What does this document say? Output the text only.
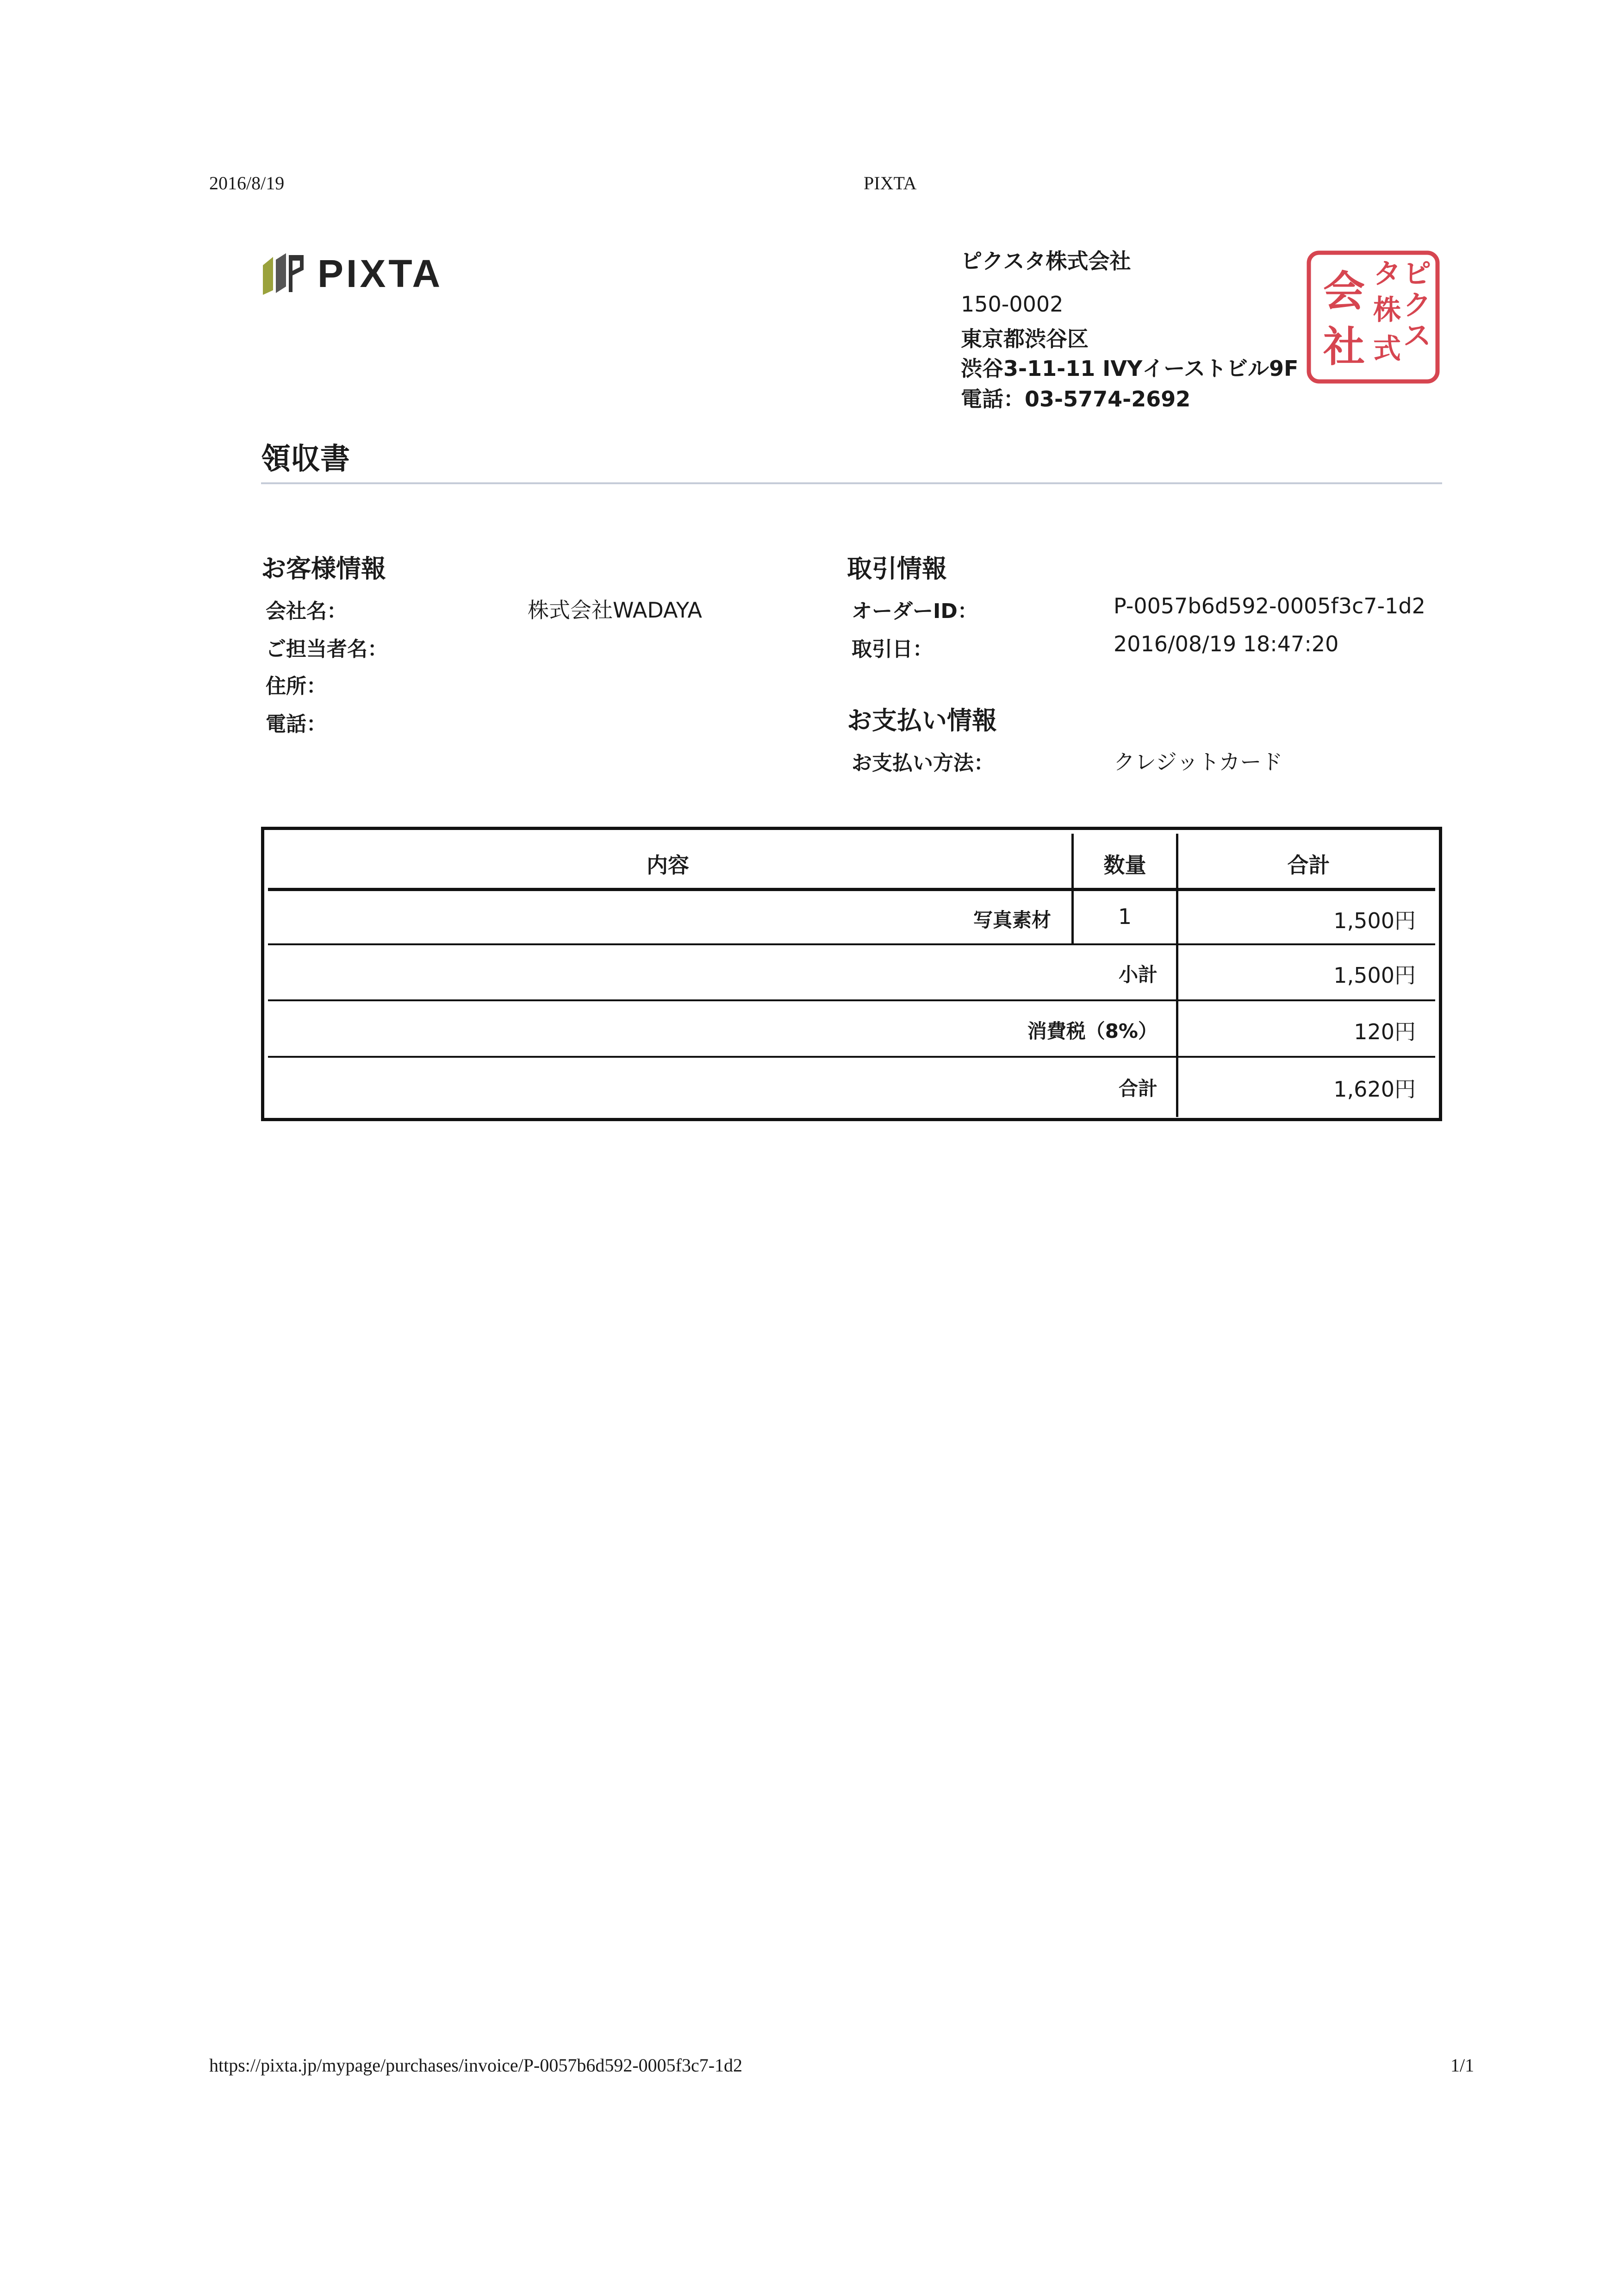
2016/8/19	PIXTA
PIXTA	ピクスタ株式会社
150-0002
東京都渋谷区
渋谷3-11-11 IVYイーストビル9F
電話：03-5774-2692
ピ
ク
ス
タ
株
式
会
社
領収書
お客様情報
会社名：	株式会社WADAYA
ご担当者名：
住所：
電話：
取引情報
オーダーID：	P-0057b6d592-0005f3c7-1d2
取引日：	2016/08/19 18:47:20
お支払い情報
お支払い方法：	クレジットカード
内容	数量	合計
写真素材	1	1,500円
小計	1,500円
消費税（8%）	120円
合計	1,620円
https://pixta.jp/mypage/purchases/invoice/P-0057b6d592-0005f3c7-1d2	1/1
